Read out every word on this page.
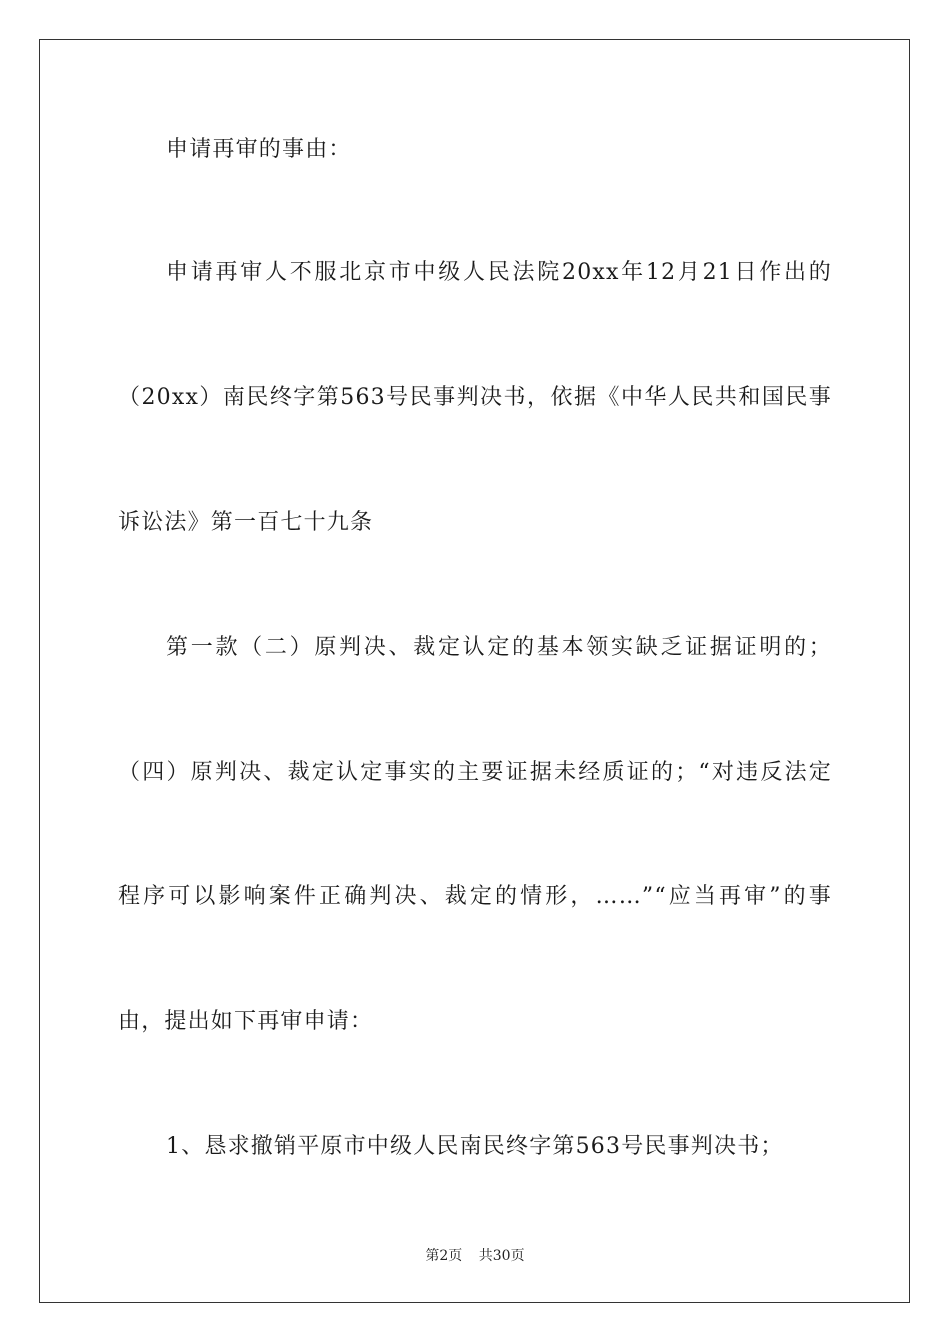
申请再审的事由：
申请再审人不服北京市中级人民法院20xx年12月21日作出的
（20xx）南民终字第563号民事判决书，依据《中华人民共和国民事
诉讼法》第一百七十九条
第一款（二）原判决、裁定认定的基本领实缺乏证据证明的；
（四）原判决、裁定认定事实的主要证据未经质证的；“对违反法定
程序可以影响案件正确判决、裁定的情形，……”“应当再审”的事
由，提出如下再审申请：
1、恳求撤销平原市中级人民南民终字第563号民事判决书；
第2页 共30页
